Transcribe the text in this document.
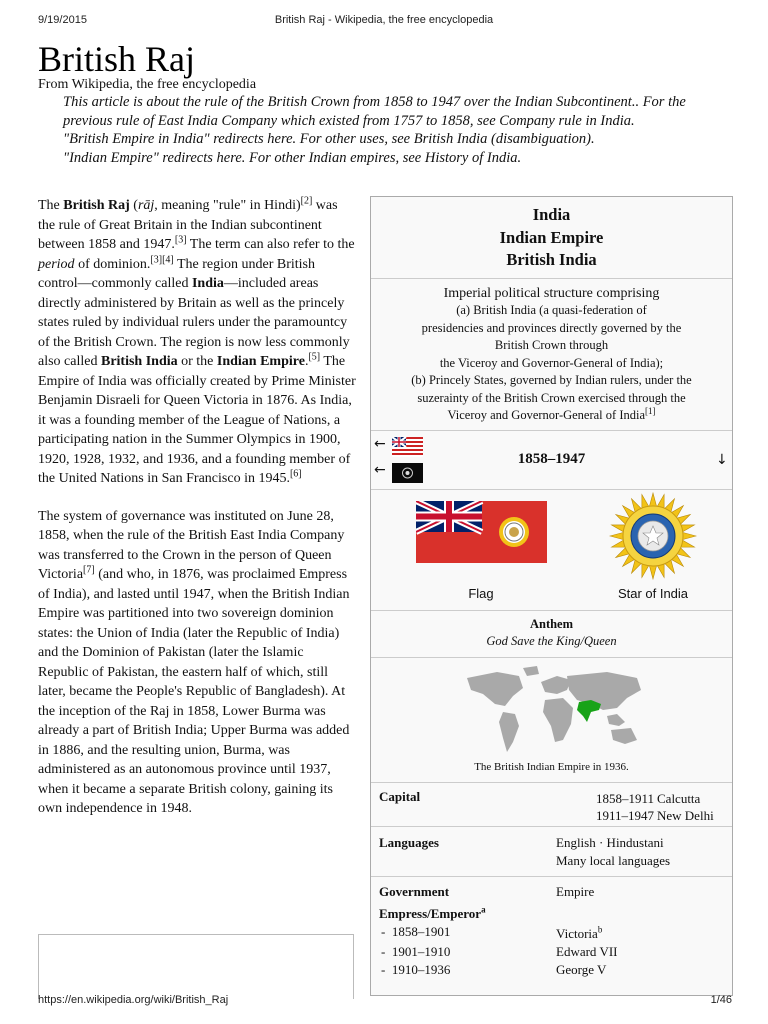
9/19/2015	British Raj - Wikipedia, the free encyclopedia
British Raj
From Wikipedia, the free encyclopedia

This article is about the rule of the British Crown from 1858 to 1947 over the Indian Subcontinent.. For the previous rule of East India Company which existed from 1757 to 1858, see Company rule in India.

"British Empire in India" redirects here. For other uses, see British India (disambiguation).

"Indian Empire" redirects here. For other Indian empires, see History of India.

The British Raj (rāj, meaning "rule" in Hindi)[2] was the rule of Great Britain in the Indian subcontinent between 1858 and 1947.[3] The term can also refer to the period of dominion.[3][4] The region under British control—commonly called India—included areas directly administered by Britain as well as the princely states ruled by individual rulers under the paramountcy of the British Crown. The region is now less commonly also called British India or the Indian Empire.[5] The Empire of India was officially created by Prime Minister Benjamin Disraeli for Queen Victoria in 1876. As India, it was a founding member of the League of Nations, a participating nation in the Summer Olympics in 1900, 1920, 1928, 1932, and 1936, and a founding member of the United Nations in San Francisco in 1945.[6]

The system of governance was instituted on June 28, 1858, when the rule of the British East India Company was transferred to the Crown in the person of Queen Victoria[7] (and who, in 1876, was proclaimed Empress of India), and lasted until 1947, when the British Indian Empire was partitioned into two sovereign dominion states: the Union of India (later the Republic of India) and the Dominion of Pakistan (later the Islamic Republic of Pakistan, the eastern half of which, still later, became the People's Republic of Bangladesh). At the inception of the Raj in 1858, Lower Burma was already a part of British India; Upper Burma was added in 1886, and the resulting union, Burma, was administered as an autonomous province until 1937, when it became a separate British colony, gaining its own independence in 1948.

India
Indian Empire
British India
Imperial political structure comprising
(a) British India (a quasi-federation of
presidencies and provinces directly governed by the
British Crown through
the Viceroy and Governor-General of India);
(b) Princely States, governed by Indian rulers, under the
suzerainty of the British Crown exercised through the
Viceroy and Governor-General of India[1]
←
←
1858–1947	↓
Flag	Star of India
Anthem
God Save the King/Queen
The British Indian Empire in 1936.
Capital	1858–1911 Calcutta
1911–1947 New Delhi
Languages	English · Hindustani
Many local languages
Government	Empire
Empress/Emperor$^a$
-  1858–1901	Victoria$^b$
-  1901–1910	Edward VII
-  1910–1936	George V
https://en.wikipedia.org/wiki/British_Raj	1/46
